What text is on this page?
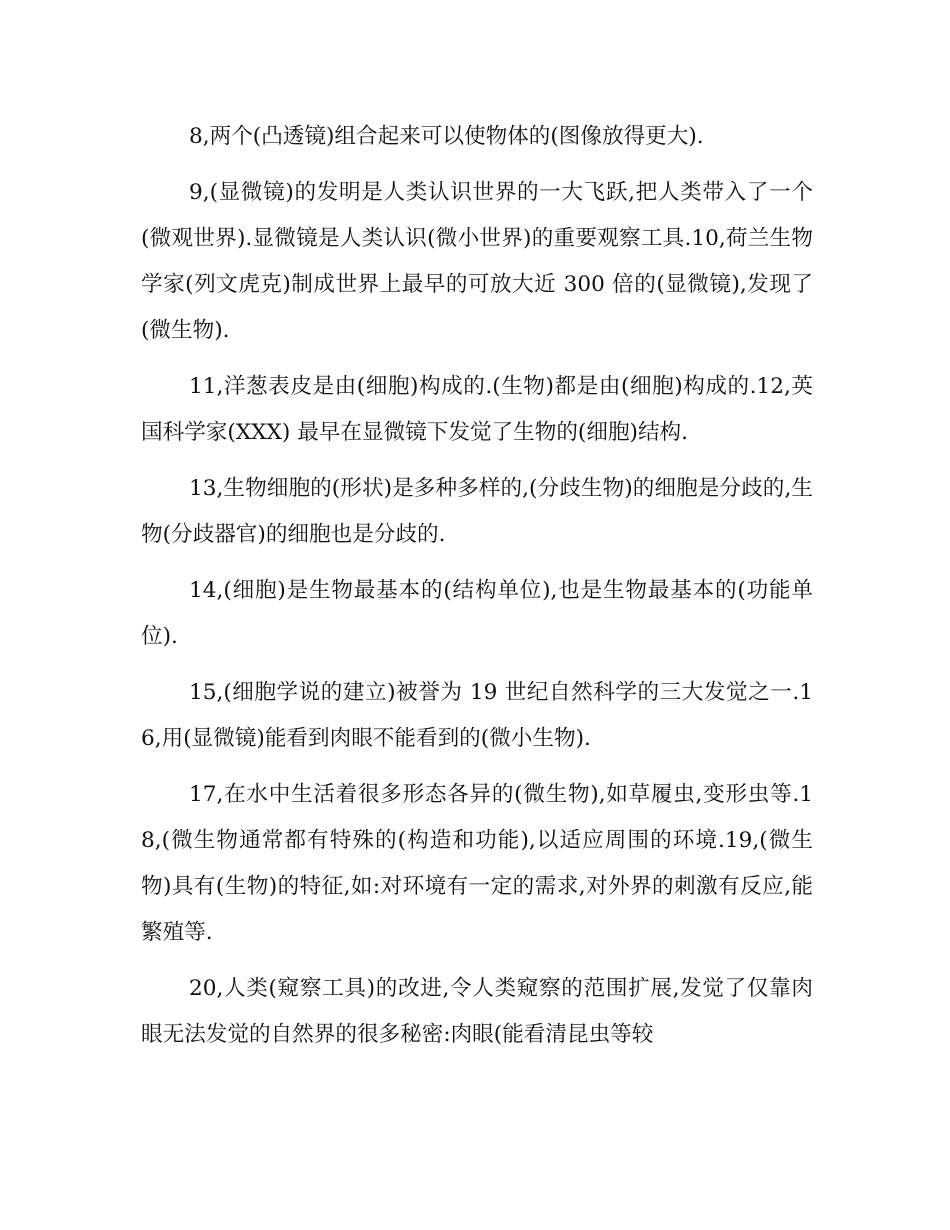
8,两个(凸透镜)组合起来可以使物体的(图像放得更大).

9,(显微镜)的发明是人类认识世界的一大飞跃,把人类带入了一个(微观世界).显微镜是人类认识(微小世界)的重要观察工具.10,荷兰生物学家(列文虎克)制成世界上最早的可放大近 300 倍的(显微镜),发现了(微生物).

11,洋葱表皮是由(细胞)构成的.(生物)都是由(细胞)构成的.12,英国科学家(XXX) 最早在显微镜下发觉了生物的(细胞)结构.

13,生物细胞的(形状)是多种多样的,(分歧生物)的细胞是分歧的,生物(分歧器官)的细胞也是分歧的.

14,(细胞)是生物最基本的(结构单位),也是生物最基本的(功能单位).

15,(细胞学说的建立)被誉为 19 世纪自然科学的三大发觉之一.16,用(显微镜)能看到肉眼不能看到的(微小生物).

17,在水中生活着很多形态各异的(微生物),如草履虫,变形虫等.18,(微生物通常都有特殊的(构造和功能),以适应周围的环境.19,(微生物)具有(生物)的特征,如:对环境有一定的需求,对外界的刺激有反应,能繁殖等.

20,人类(窥察工具)的改进,令人类窥察的范围扩展,发觉了仅靠肉眼无法发觉的自然界的很多秘密:肉眼(能看清昆虫等较
